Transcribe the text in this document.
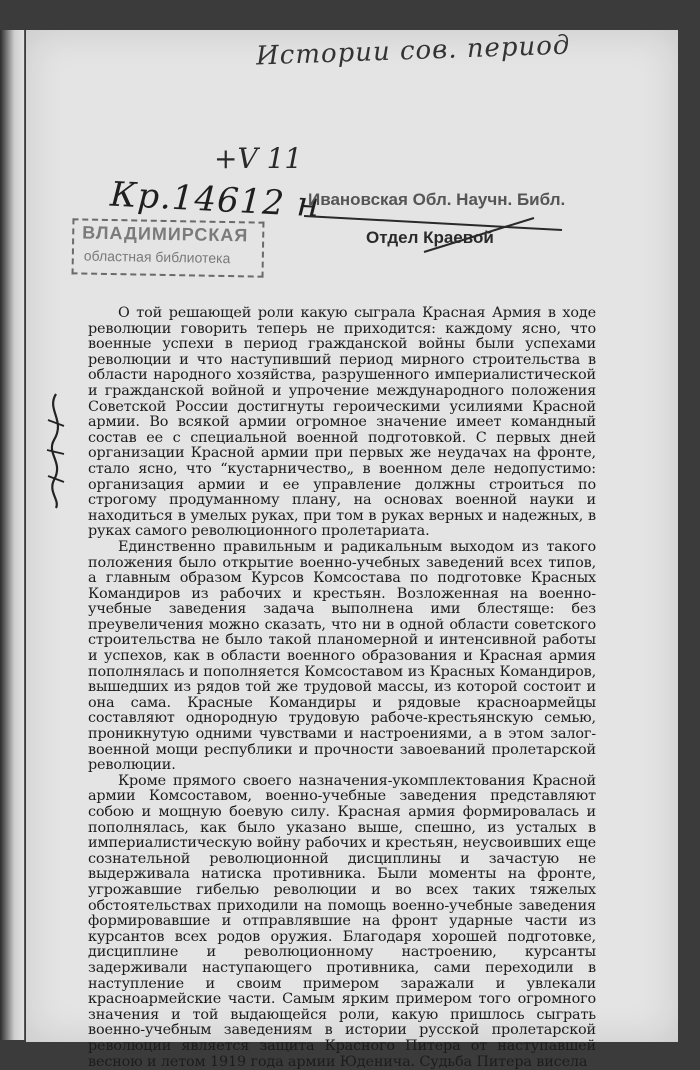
Истории сов. период
+V 11
Кр.14612 н
ВЛАДИМИРСКАЯ
областная библиотека
Ивановская Обл. Научн. Библ.
Отдел Краевой

О той решающей роли какую сыграла Красная Армия в ходе революции говорить теперь не приходится: каждому ясно, что военные успехи в период гражданской войны были успехами революции и что наступивший период мирного строительства в области народного хозяйства, разрушенного империалистической и гражданской войной и упрочение международного положения Советской России достигнуты героическими усилиями Красной армии. Во всякой армии огромное значение имеет командный состав ее с специальной военной подготовкой. С первых дней организации Красной армии при первых же неудачах на фронте, стало ясно, что “кустарничество„ в военном деле недопустимо: организация армии и ее управление должны строиться по строгому продуманному плану, на основах военной науки и находиться в умелых руках, при том в руках верных и надежных, в руках самого революционного пролетариата.

Единственно правильным и радикальным выходом из такого положения было открытие военно-учебных заведений всех типов, а главным образом Курсов Комсостава по подготовке Красных Командиров из рабочих и крестьян. Возложенная на военно-учебные заведения задача выполнена ими блестяще: без преувеличения можно сказать, что ни в одной области советского строительства не было такой планомерной и интенсивной работы и успехов, как в области военного образования и Красная армия пополнялась и пополняется Комсоставом из Красных Командиров, вышедших из рядов той же трудовой массы, из которой состоит и она сама. Красные Командиры и рядовые красноармейцы составляют однородную трудовую рабоче-крестьянскую семью, проникнутую одними чувствами и настроениями, а в этом залог-военной мощи республики и прочности завоеваний пролетарской революции.

Кроме прямого своего назначения-укомплектования Красной армии Комсоставом, военно-учебные заведения представляют собою и мощную боевую силу. Красная армия формировалась и пополнялась, как было указано выше, спешно, из усталых в империалистическую войну рабочих и крестьян, неусвоивших еще сознательной революционной дисциплины и зачастую не выдерживала натиска противника. Были моменты на фронте, угрожавшие гибелью революции и во всех таких тяжелых обстоятельствах приходили на помощь военно-учебные заведения формировавшие и отправлявшие на фронт ударные части из курсантов всех родов оружия. Благодаря хорошей подготовке, дисциплине и революционному настроению, курсанты задерживали наступающего противника, сами переходили в наступление и своим примером заражали и увлекали красноармейские части. Самым ярким примером того огромного значения и той выдающейся роли, какую пришлось сыграть военно-учебным заведениям в истории русской пролетарской революции является защита Красного Питера от наступавшей весною и летом 1919 года армии Юденича. Судьба Питера висела
